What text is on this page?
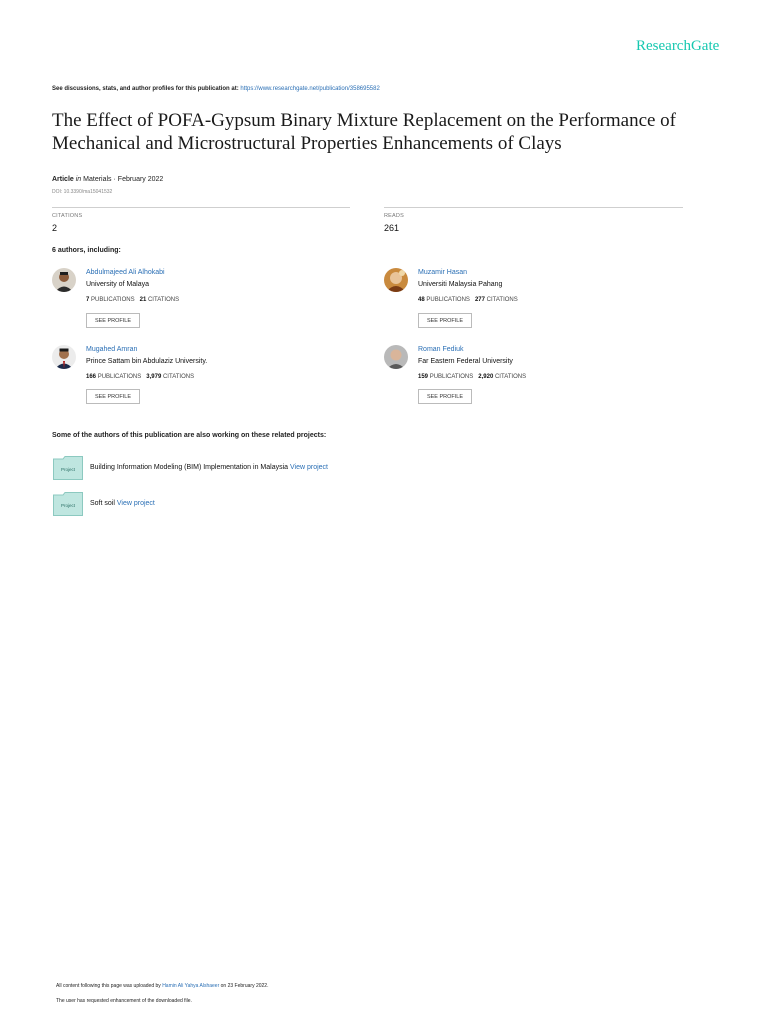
ResearchGate
See discussions, stats, and author profiles for this publication at: https://www.researchgate.net/publication/358695582
The Effect of POFA-Gypsum Binary Mixture Replacement on the Performance of Mechanical and Microstructural Properties Enhancements of Clays
Article in Materials · February 2022
DOI: 10.3390/ma15041532
CITATIONS
2
READS
261
6 authors, including:
Abdulmajeed Ali Alhokabi
University of Malaya
7 PUBLICATIONS 21 CITATIONS
SEE PROFILE
Muzamir Hasan
Universiti Malaysia Pahang
48 PUBLICATIONS 277 CITATIONS
SEE PROFILE
Mugahed Amran
Prince Sattam bin Abdulaziz University.
166 PUBLICATIONS 3,979 CITATIONS
SEE PROFILE
Roman Fediuk
Far Eastern Federal University
159 PUBLICATIONS 2,920 CITATIONS
SEE PROFILE
Some of the authors of this publication are also working on these related projects:
Project	Building Information Modeling (BIM) Implementation in Malaysia View project
Project	Soft soil View project
All content following this page was uploaded by Hamin Ali Yahya Alshaeer on 23 February 2022.
The user has requested enhancement of the downloaded file.
